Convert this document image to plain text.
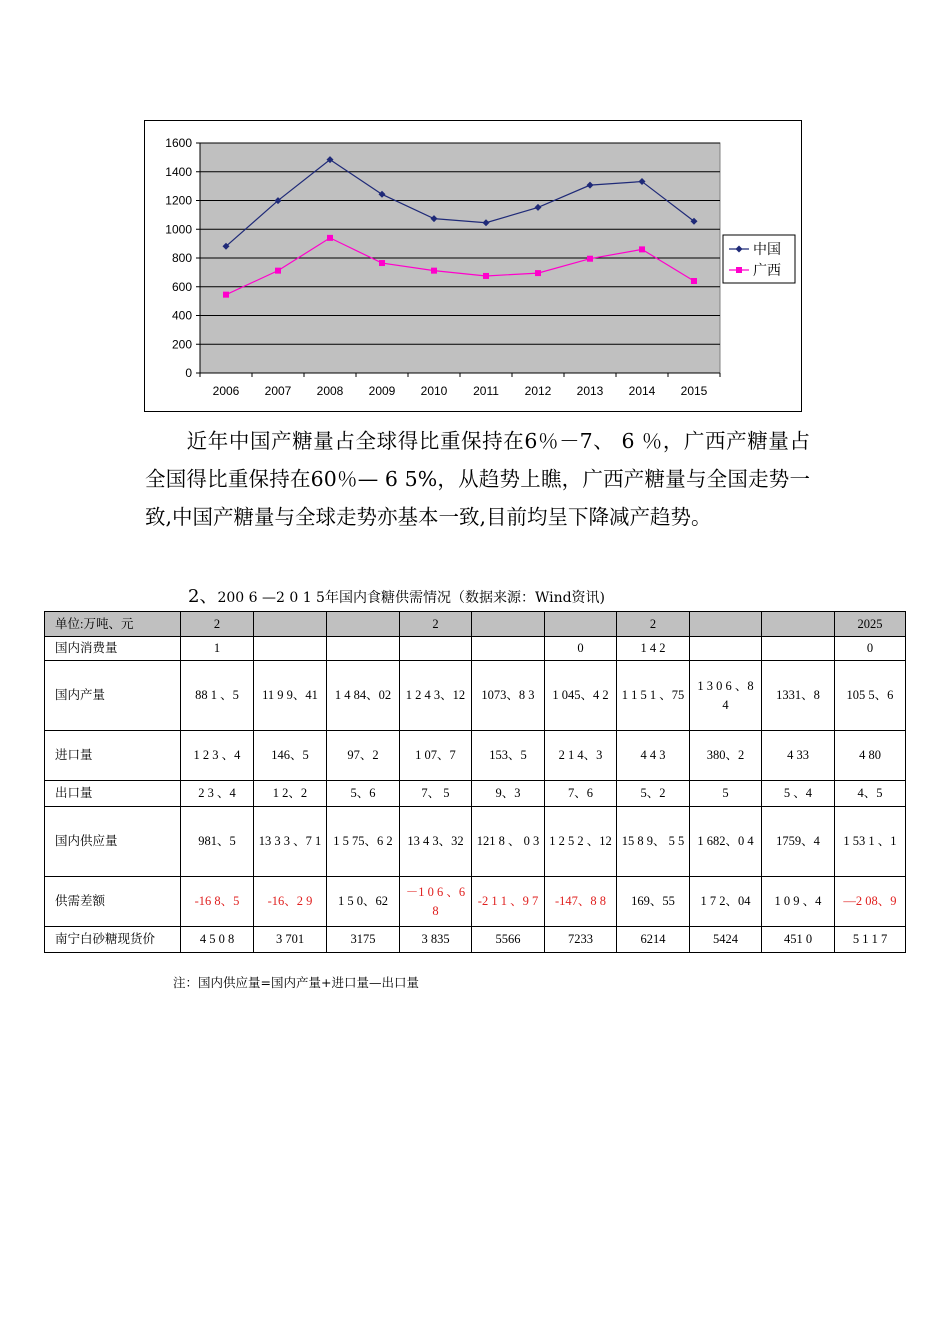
0
200
400
600
800
1000
1200
1400
1600
2006 2007 2008 2009 2010 2011 2012 2013 2014 2015
中国
广西
近年中国产糖量占全球得比重保持在6％－7、 6 ％，广西产糖量占全国得比重保持在60％— 6 5%，从趋势上瞧，广西产糖量与全国走势一致,中国产糖量与全球走势亦基本一致,目前均呈下降减产趋势。
2、200 6 —2 0 1 5年国内食糖供需情况（数据来源：Wind资讯)
单位:万吨、元	2			2			2			2025
国内消费量	1					0	1 4 2			0
国内产量	88 1 、5	11 9 9、41	1 4 84、02	1 2 4 3、12	1073、8 3	1 045、4 2	1 1 5 1 、75	1 3 0 6 、8 4	1331、8	105 5、6
进口量	1 2 3 、4	146、5	97、2	1 07、7	153、5	2 1 4、3	4 4 3	380、2	4 33	4 80
出口量	2 3 、4	1 2、2	5、6	7、 5	9、3	7、6	5、2	5	5 、4	4、5
国内供应量	981、5	13 3 3 、7 1	1 5 75、6 2	13 4 3、32	121 8 、 0 3	1 2 5 2 、12	15 8 9、 5 5	1 682、0 4	1759、4	1 53 1 、1
供需差额	-16 8、5	-16、2 9	1 5 0、62	－1 0 6 、6 8	-2 1 1 、9 7	-147、8 8	169、55	1 7 2、04	1 0 9 、4	—2 08、9
南宁白砂糖现货价	4 5 0 8	3 701	3175	3 835	5566	7233	6214	5424	451 0	5 1 1 7
注：国内供应量=国内产量+进口量—出口量
